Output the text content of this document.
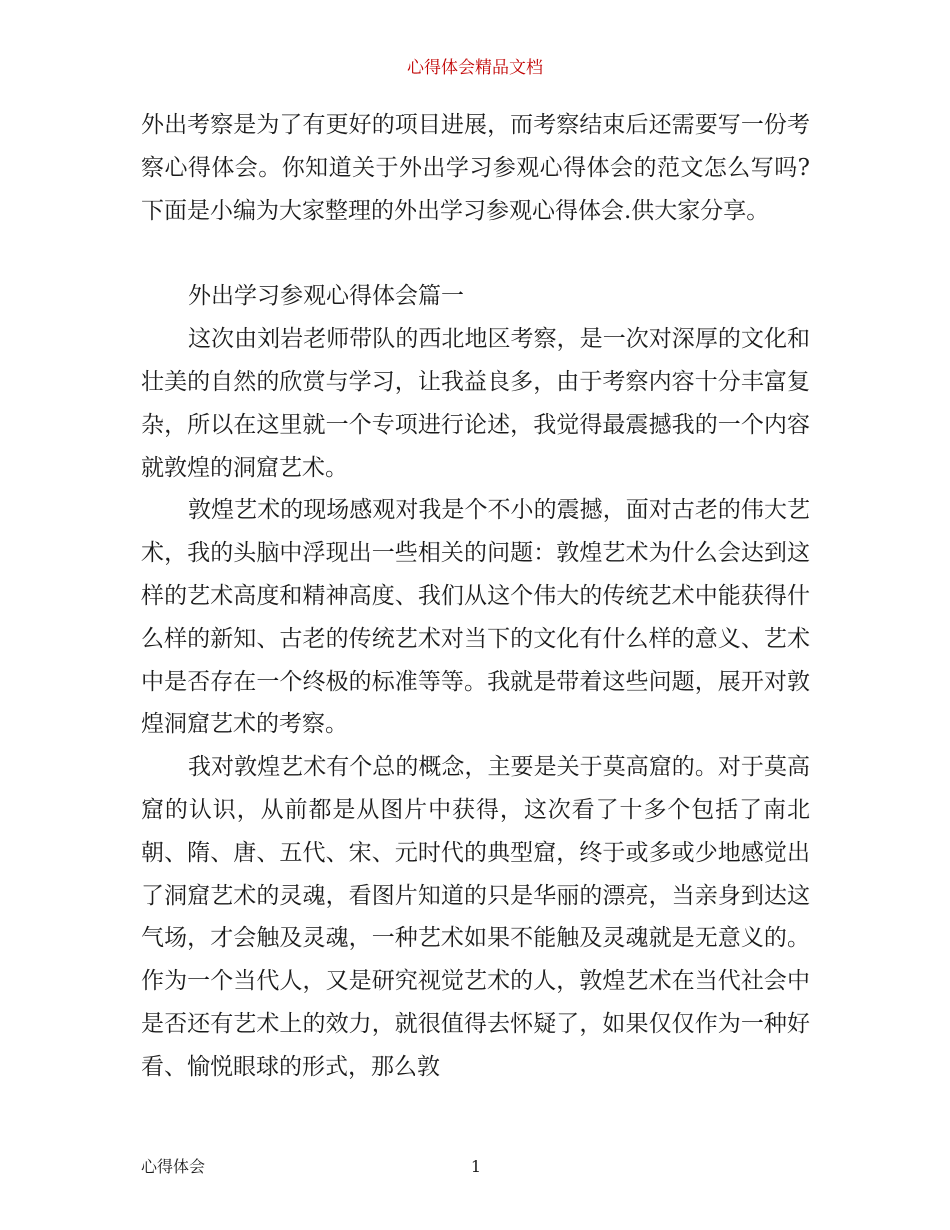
心得体会精品文档

外出考察是为了有更好的项目进展，而考察结束后还需要写一份考察心得体会。你知道关于外出学习参观心得体会的范文怎么写吗?下面是小编为大家整理的外出学习参观心得体会.供大家分享。

外出学习参观心得体会篇一

这次由刘岩老师带队的西北地区考察，是一次对深厚的文化和壮美的自然的欣赏与学习，让我益良多，由于考察内容十分丰富复杂，所以在这里就一个专项进行论述，我觉得最震撼我的一个内容就敦煌的洞窟艺术。

敦煌艺术的现场感观对我是个不小的震撼，面对古老的伟大艺术，我的头脑中浮现出一些相关的问题：敦煌艺术为什么会达到这样的艺术高度和精神高度、我们从这个伟大的传统艺术中能获得什么样的新知、古老的传统艺术对当下的文化有什么样的意义、艺术中是否存在一个终极的标准等等。我就是带着这些问题，展开对敦煌洞窟艺术的考察。

我对敦煌艺术有个总的概念，主要是关于莫高窟的。对于莫高窟的认识，从前都是从图片中获得，这次看了十多个包括了南北朝、隋、唐、五代、宋、元时代的典型窟，终于或多或少地感觉出了洞窟艺术的灵魂，看图片知道的只是华丽的漂亮，当亲身到达这气场，才会触及灵魂，一种艺术如果不能触及灵魂就是无意义的。作为一个当代人，又是研究视觉艺术的人，敦煌艺术在当代社会中是否还有艺术上的效力，就很值得去怀疑了，如果仅仅作为一种好看、愉悦眼球的形式，那么敦

心得体会	1
